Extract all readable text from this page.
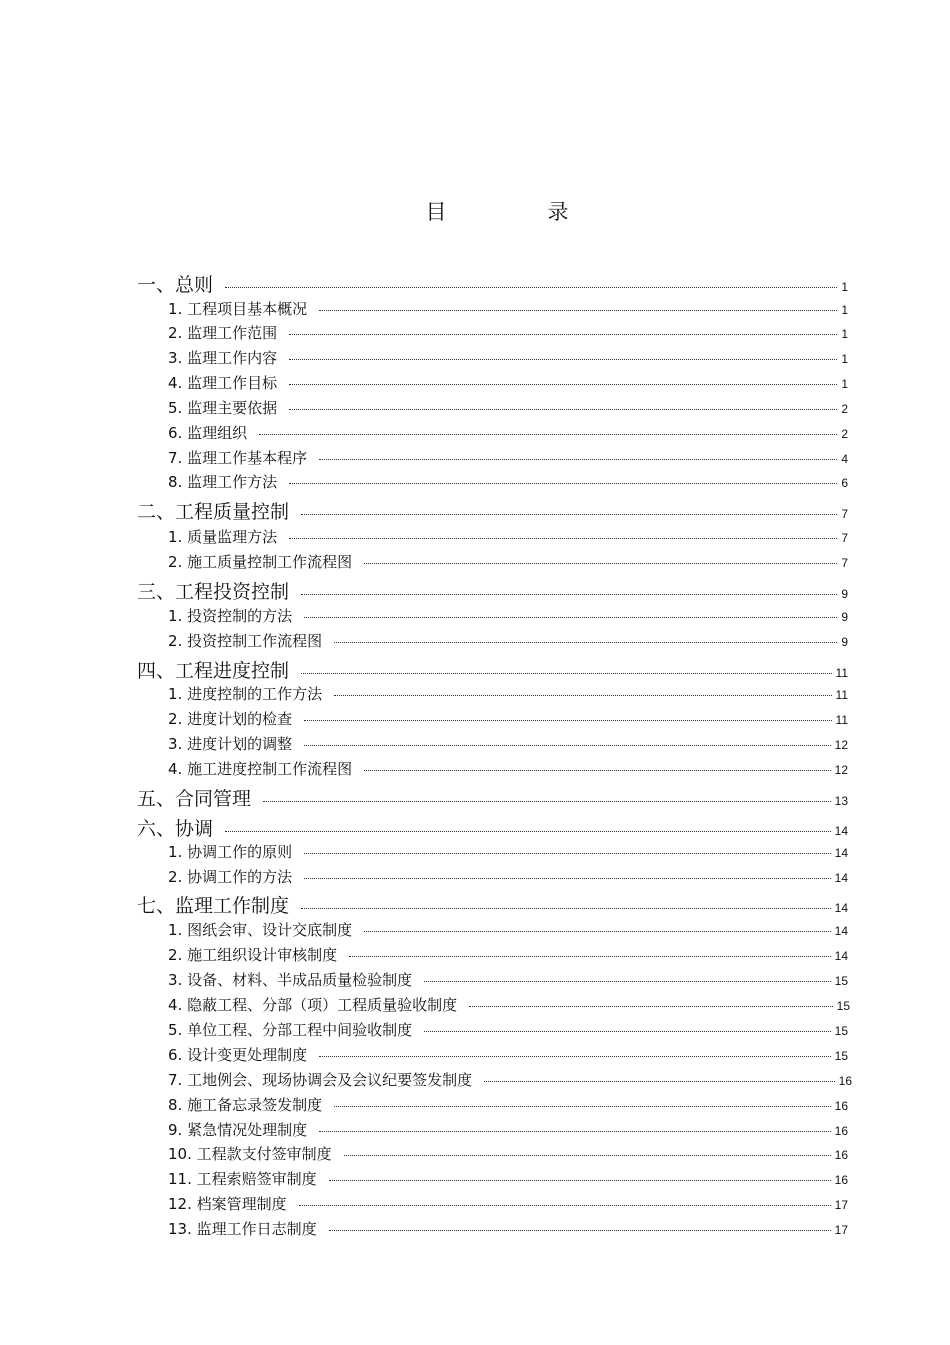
目　录
一、总则	1
1. 工程项目基本概况	1
2. 监理工作范围	1
3. 监理工作内容	1
4. 监理工作目标	1
5. 监理主要依据	2
6. 监理组织	2
7. 监理工作基本程序	4
8. 监理工作方法	6
二、工程质量控制	7
1. 质量监理方法	7
2. 施工质量控制工作流程图	7
三、工程投资控制	9
1. 投资控制的方法	9
2. 投资控制工作流程图	9
四、工程进度控制	11
1. 进度控制的工作方法	11
2. 进度计划的检查	11
3. 进度计划的调整	12
4. 施工进度控制工作流程图	12
五、合同管理	13
六、协调	14
1. 协调工作的原则	14
2. 协调工作的方法	14
七、监理工作制度	14
1. 图纸会审、设计交底制度	14
2. 施工组织设计审核制度	14
3. 设备、材料、半成品质量检验制度	15
4. 隐蔽工程、分部（项）工程质量验收制度	15
5. 单位工程、分部工程中间验收制度	15
6. 设计变更处理制度	15
7. 工地例会、现场协调会及会议纪要签发制度	16
8. 施工备忘录签发制度	16
9. 紧急情况处理制度	16
10. 工程款支付签审制度	16
11. 工程索赔签审制度	16
12. 档案管理制度	17
13. 监理工作日志制度	17
